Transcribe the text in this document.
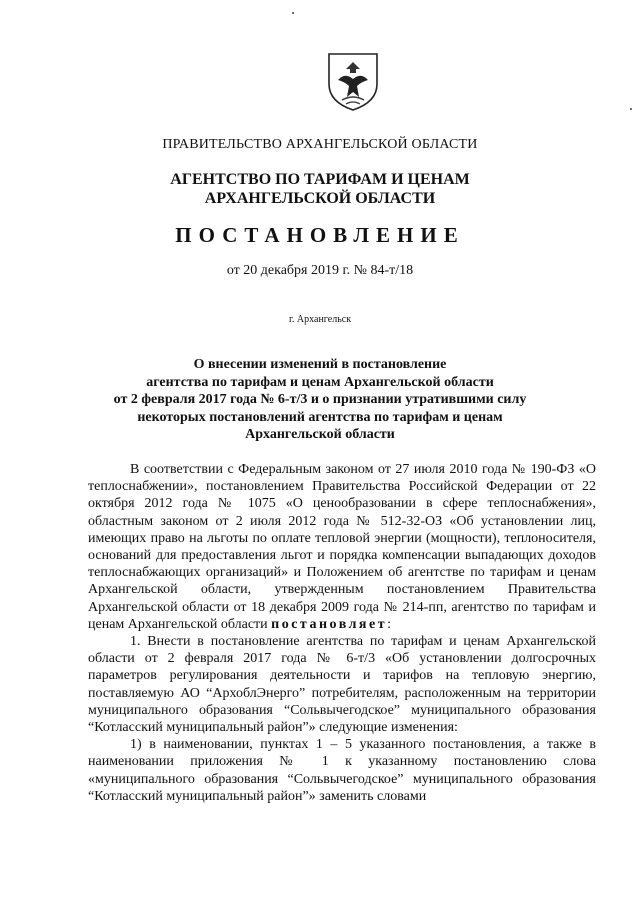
ПРАВИТЕЛЬСТВО АРХАНГЕЛЬСКОЙ ОБЛАСТИ
АГЕНТСТВО ПО ТАРИФАМ И ЦЕНАМ
АРХАНГЕЛЬСКОЙ ОБЛАСТИ
ПОСТАНОВЛЕНИЕ
от 20 декабря 2019 г. № 84-т/18
г. Архангельск
О внесении изменений в постановление
агентства по тарифам и ценам Архангельской области
от 2 февраля 2017 года № 6-т/3 и о признании утратившими силу
некоторых постановлений агентства по тарифам и ценам
Архангельской области

В соответствии с Федеральным законом от 27 июля 2010 года № 190-ФЗ «О теплоснабжении», постановлением Правительства Российской Федерации от 22 октября 2012 года № 1075 «О ценообразовании в сфере теплоснабжения», областным законом от 2 июля 2012 года № 512-32-ОЗ «Об установлении лиц, имеющих право на льготы по оплате тепловой энергии (мощности), теплоносителя, оснований для предоставления льгот и порядка компенсации выпадающих доходов теплоснабжающих организаций» и Положением об агентстве по тарифам и ценам Архангельской области, утвержденным постановлением Правительства Архангельской области от 18 декабря 2009 года № 214-пп, агентство по тарифам и ценам Архангельской области постановляет:

1. Внести в постановление агентства по тарифам и ценам Архангельской области от 2 февраля 2017 года № 6-т/3 «Об установлении долгосрочных параметров регулирования деятельности и тарифов на тепловую энергию, поставляемую АО “АрхоблЭнерго” потребителям, расположенным на территории муниципального образования “Сольвычегодское” муниципального образования “Котласский муниципальный район”» следующие изменения:

1) в наименовании, пунктах 1 – 5 указанного постановления, а также в наименовании приложения № 1 к указанному постановлению слова «муниципального образования “Сольвычегодское” муниципального образования “Котласский муниципальный район”» заменить словами
